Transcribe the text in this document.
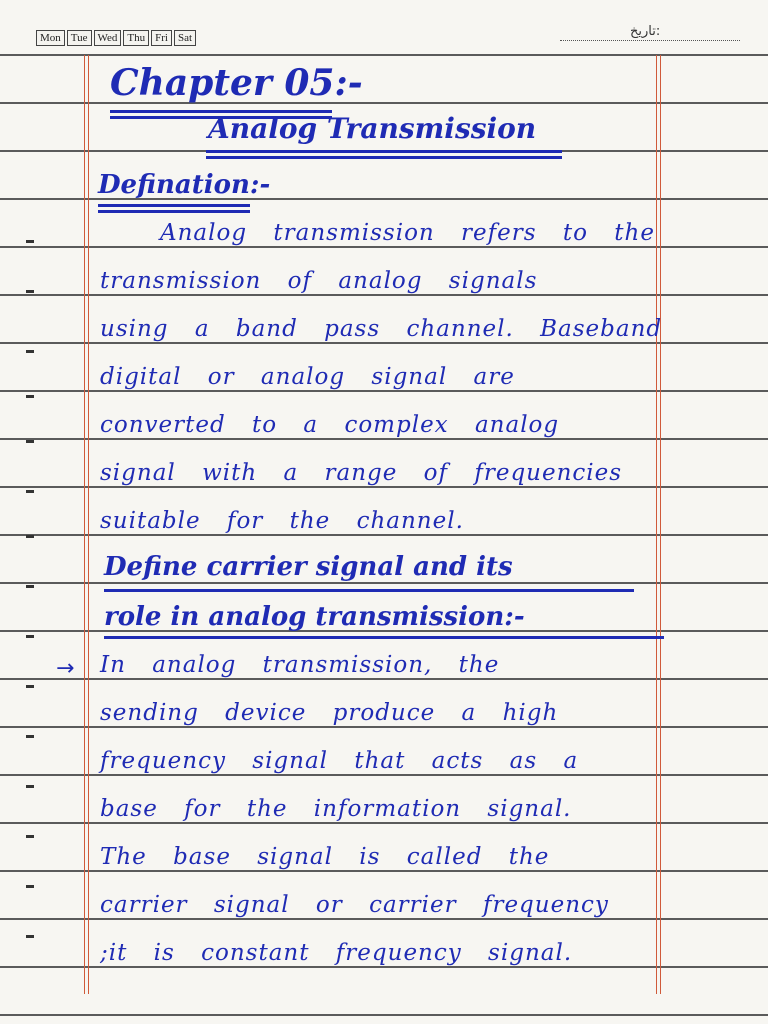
Mon Tue Wed Thu Fri Sat	تاریخ:
Chapter 05:-
Analog Transmission
Defination:-
Analog transmission refers to the
transmission of analog signals
using a band pass channel. Baseband
digital or analog signal are
converted to a complex analog
signal with a range of frequencies
suitable for the channel.
Define carrier signal and its
role in analog transmission:-
→ In analog transmission, the
sending device produce a high
frequency signal that acts as a
base for the information signal.
The base signal is called the
carrier signal or carrier frequency
;it is constant frequency signal.
